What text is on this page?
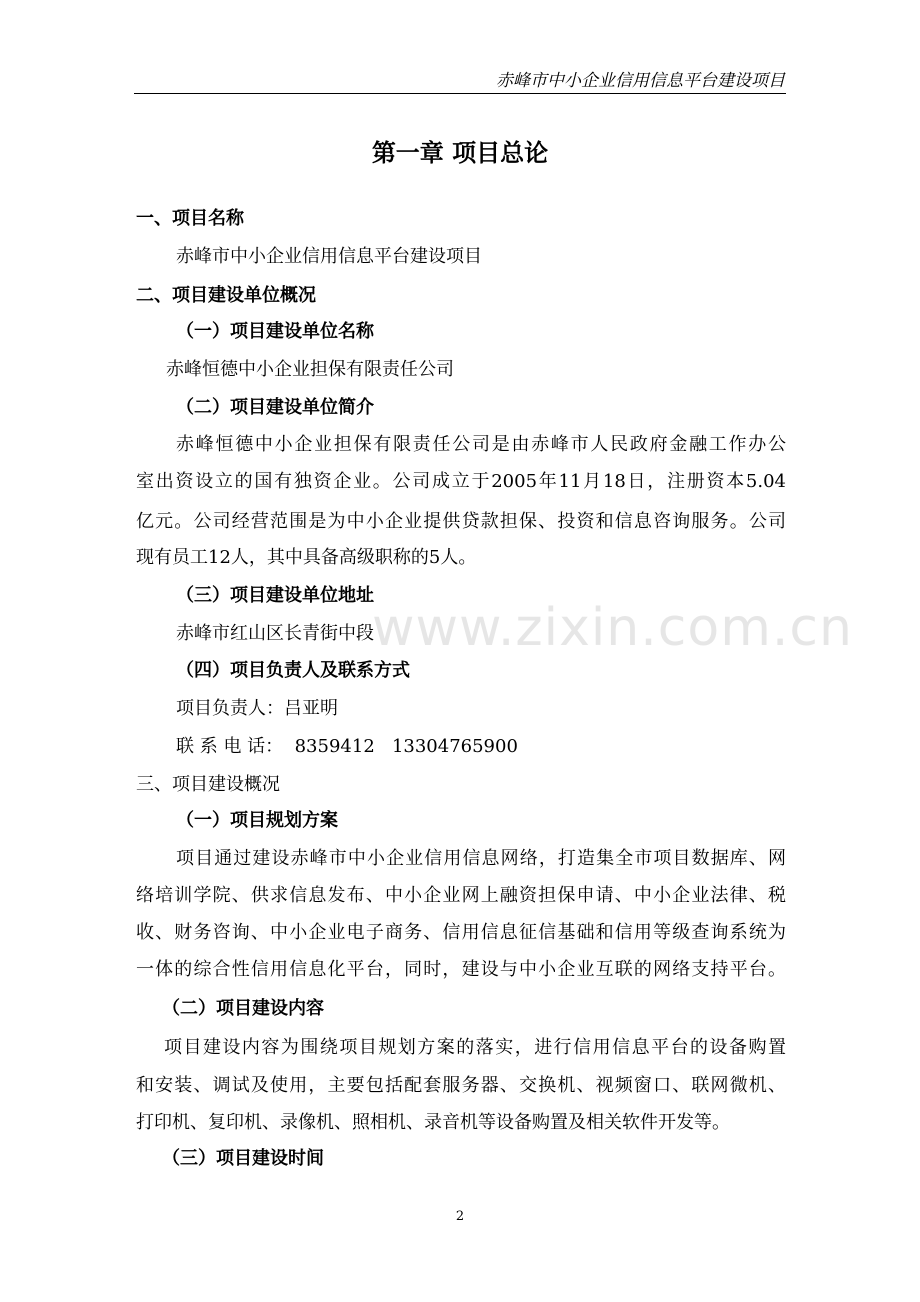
赤峰市中小企业信用信息平台建设项目
www.zixin.com.cn
第一章 项目总论
一、项目名称
赤峰市中小企业信用信息平台建设项目
二、项目建设单位概况
（一）项目建设单位名称
赤峰恒德中小企业担保有限责任公司
（二）项目建设单位简介
赤峰恒德中小企业担保有限责任公司是由赤峰市人民政府金融工作办公
室出资设立的国有独资企业。公司成立于2005年11月18日，注册资本5.04
亿元。公司经营范围是为中小企业提供贷款担保、投资和信息咨询服务。公司
现有员工12人，其中具备高级职称的5人。
（三）项目建设单位地址
赤峰市红山区长青街中段
（四）项目负责人及联系方式
项目负责人：吕亚明
联 系 电 话：  8359412   13304765900
三、项目建设概况
（一）项目规划方案
项目通过建设赤峰市中小企业信用信息网络，打造集全市项目数据库、网
络培训学院、供求信息发布、中小企业网上融资担保申请、中小企业法律、税
收、财务咨询、中小企业电子商务、信用信息征信基础和信用等级查询系统为
一体的综合性信用信息化平台，同时，建设与中小企业互联的网络支持平台。
（二）项目建设内容
项目建设内容为围绕项目规划方案的落实，进行信用信息平台的设备购置
和安装、调试及使用，主要包括配套服务器、交换机、视频窗口、联网微机、
打印机、复印机、录像机、照相机、录音机等设备购置及相关软件开发等。
（三）项目建设时间
2
